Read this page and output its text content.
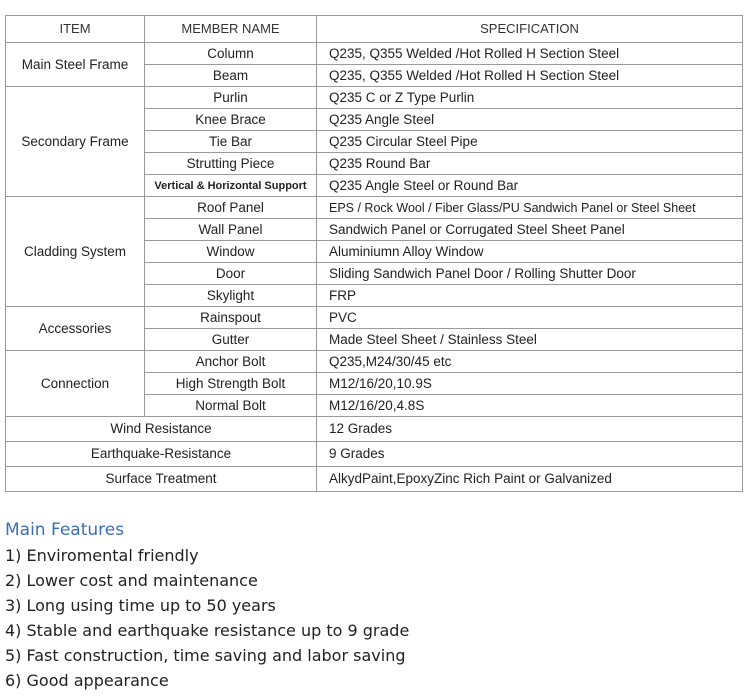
ITEM	MEMBER NAME	SPECIFICATION
Main Steel Frame	Column	Q235, Q355 Welded /Hot Rolled H Section Steel
	Beam	Q235, Q355 Welded /Hot Rolled H Section Steel
Secondary Frame	Purlin	Q235 C or Z Type Purlin
	Knee Brace	Q235 Angle Steel
	Tie Bar	Q235 Circular Steel Pipe
	Strutting Piece	Q235 Round Bar
	Vertical & Horizontal Support	Q235 Angle Steel or Round Bar
Cladding System	Roof Panel	EPS / Rock Wool / Fiber Glass/PU Sandwich Panel or Steel Sheet
	Wall Panel	Sandwich Panel or Corrugated Steel Sheet Panel
	Window	Aluminiumn Alloy Window
	Door	Sliding Sandwich Panel Door / Rolling Shutter Door
	Skylight	FRP
Accessories	Rainspout	PVC
	Gutter	Made Steel Sheet / Stainless Steel
Connection	Anchor Bolt	Q235,M24/30/45 etc
	High Strength Bolt	M12/16/20,10.9S
	Normal Bolt	M12/16/20,4.8S
Wind Resistance		12 Grades
Earthquake-Resistance		9 Grades
Surface Treatment		AlkydPaint,EpoxyZinc Rich Paint or Galvanized
Main Features
1) Enviromental friendly
2) Lower cost and maintenance
3) Long using time up to 50 years
4) Stable and earthquake resistance up to 9 grade
5) Fast construction, time saving and labor saving
6) Good appearance
